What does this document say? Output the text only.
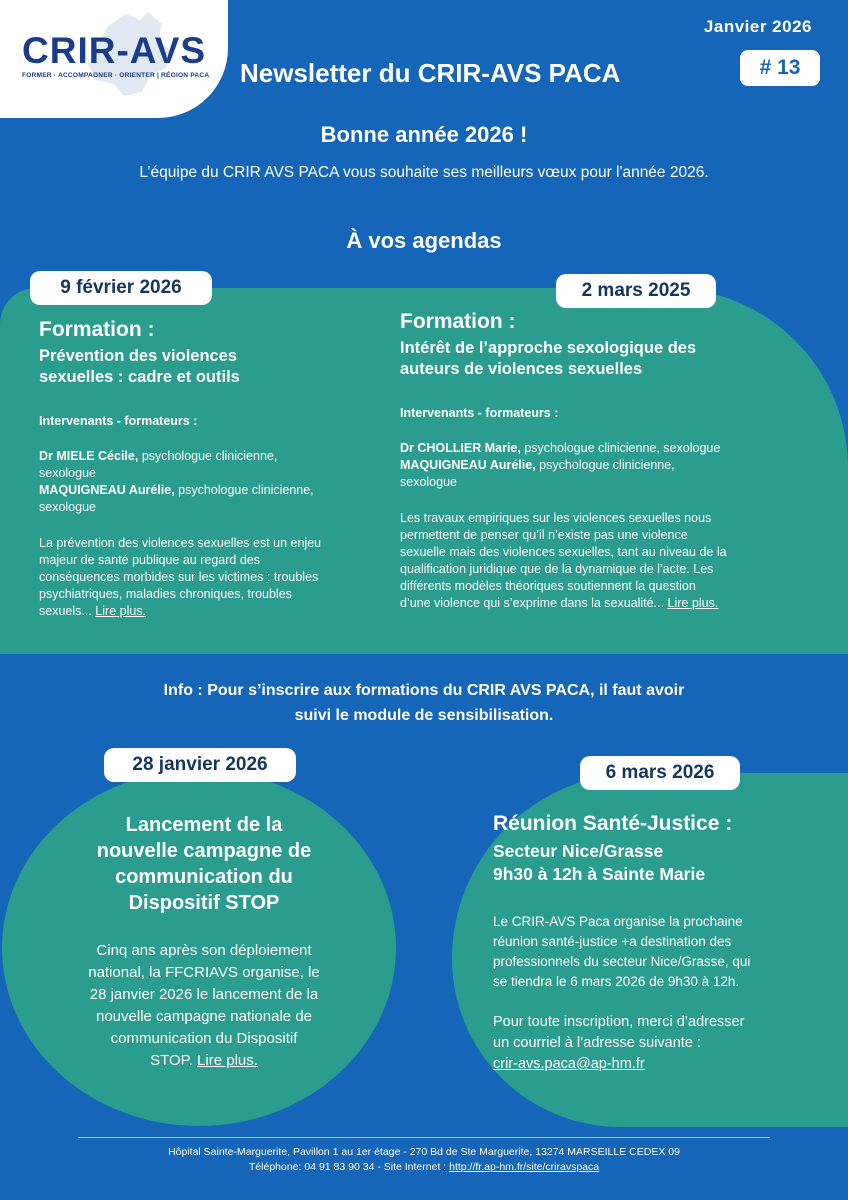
CRIR-AVS
FORMER · ACCOMPAGNER · ORIENTER | RÉGION PACA
Janvier 2026
Newsletter du CRIR-AVS PACA	# 13
Bonne année 2026 !
L’équipe du CRIR AVS PACA vous souhaite ses meilleurs vœux pour l'année 2026.
À vos agendas
9 février 2026	2 mars 2025
Formation :
Prévention des violences
sexuelles : cadre et outils
Intervenants - formateurs :
Dr MIELE Cécile, psychologue clinicienne,
sexologue
MAQUIGNEAU Aurélie, psychologue clinicienne,
sexologue
La prévention des violences sexuelles est un enjeu
majeur de santé publique au regard des
conséquences morbides sur les victimes : troubles
psychiatriques, maladies chroniques, troubles
sexuels... Lire plus.
Formation :
Intérêt de l’approche sexologique des
auteurs de violences sexuelles
Intervenants - formateurs :
Dr CHOLLIER Marie, psychologue clinicienne, sexologue
MAQUIGNEAU Aurélie, psychologue clinicienne,
sexologue
Les travaux empiriques sur les violences sexuelles nous
permettent de penser qu’il n’existe pas une violence
sexuelle mais des violences sexuelles, tant au niveau de la
qualification juridique que de la dynamique de l’acte. Les
différents modèles théoriques soutiennent la question
d’une violence qui s’exprime dans la sexualité... Lire plus.
Info : Pour s’inscrire aux formations du CRIR AVS PACA, il faut avoir
suivi le module de sensibilisation.
28 janvier 2026	6 mars 2026
Lancement de la
nouvelle campagne de
communication du
Dispositif STOP
Cinq ans après son déploiement
national, la FFCRIAVS organise, le
28 janvier 2026 le lancement de la
nouvelle campagne nationale de
communication du Dispositif
STOP. Lire plus.
Réunion Santé-Justice :
Secteur Nice/Grasse
9h30 à 12h à Sainte Marie
Le CRIR-AVS Paca organise la prochaine
réunion santé-justice +a destination des
professionnels du secteur Nice/Grasse, qui
se tiendra le 6 mars 2026 de 9h30 à 12h.
Pour toute inscription, merci d’adresser
un courriel à l’adresse suivante :
crir-avs.paca@ap-hm.fr
Hôpital Sainte-Marguerite, Pavillon 1 au 1er étage - 270 Bd de Ste Marguerite, 13274 MARSEILLE CEDEX 09
Téléphone: 04 91 83 90 34 - Site Internet : http://fr.ap-hm.fr/site/criravspaca
